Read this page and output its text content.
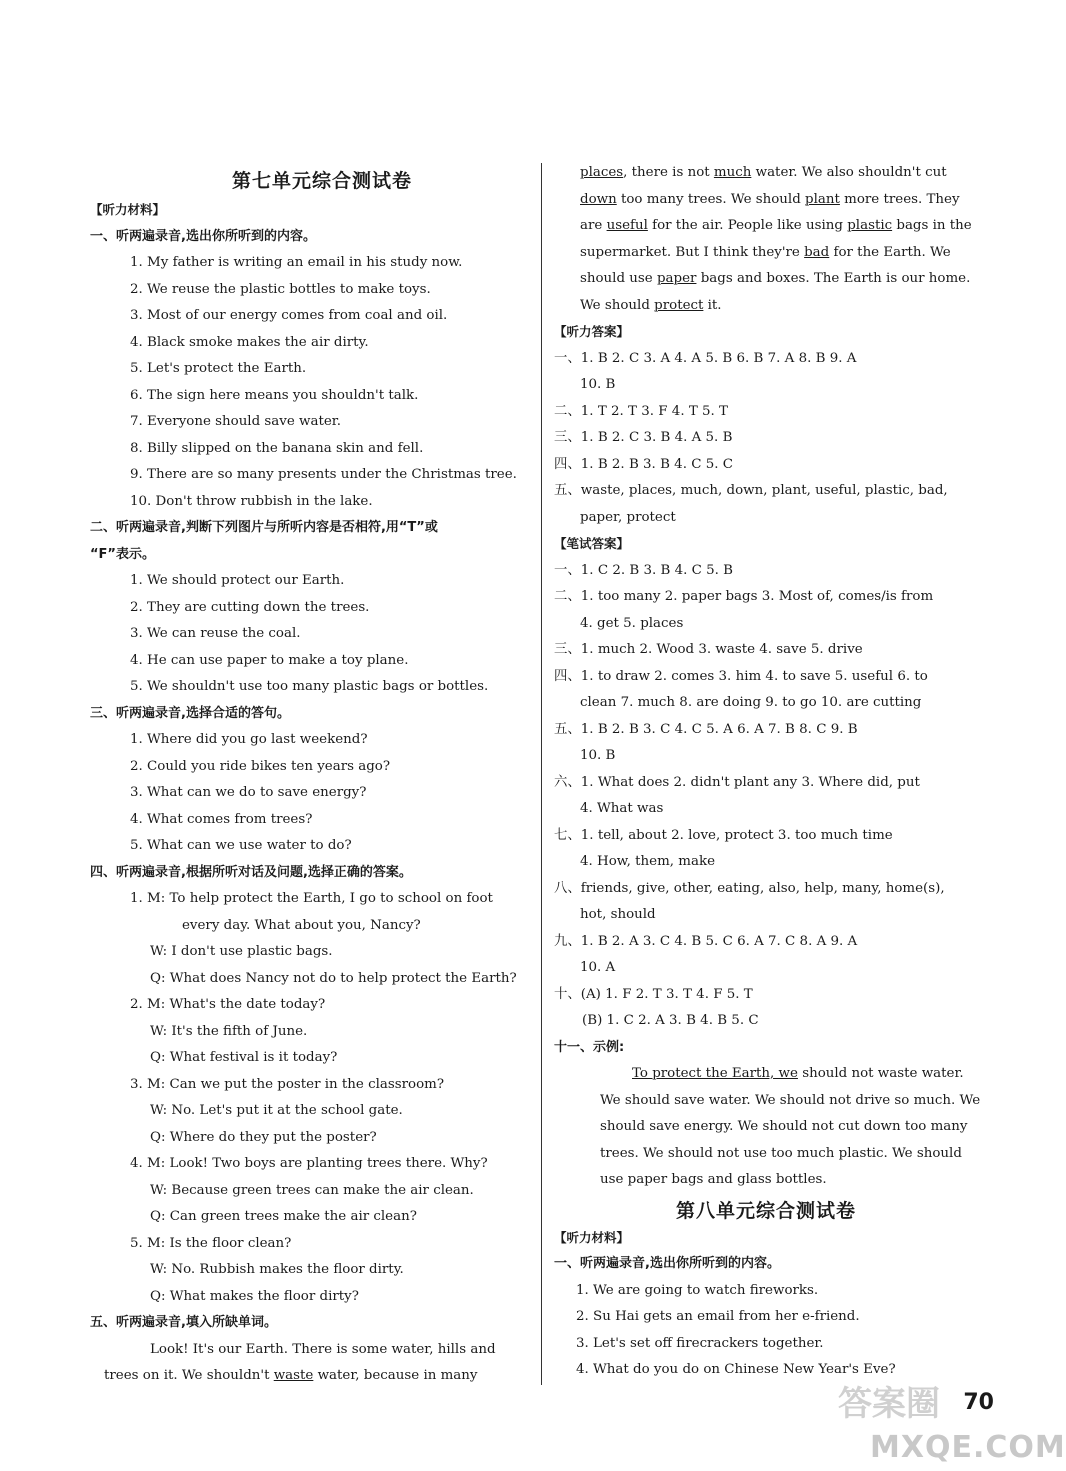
第七单元综合测试卷
【听力材料】
一、听两遍录音,选出你所听到的内容。
1. My father is writing an email in his study now.
2. We reuse the plastic bottles to make toys.
3. Most of our energy comes from coal and oil.
4. Black smoke makes the air dirty.
5. Let's protect the Earth.
6. The sign here means you shouldn't talk.
7. Everyone should save water.
8. Billy slipped on the banana skin and fell.
9. There are so many presents under the Christmas tree.
10. Don't throw rubbish in the lake.
二、听两遍录音,判断下列图片与所听内容是否相符,用“T”或
“F”表示。
1. We should protect our Earth.
2. They are cutting down the trees.
3. We can reuse the coal.
4. He can use paper to make a toy plane.
5. We shouldn't use too many plastic bags or bottles.
三、听两遍录音,选择合适的答句。
1. Where did you go last weekend?
2. Could you ride bikes ten years ago?
3. What can we do to save energy?
4. What comes from trees?
5. What can we use water to do?
四、听两遍录音,根据所听对话及问题,选择正确的答案。
1. M: To help protect the Earth, I go to school on foot
every day. What about you, Nancy?
W: I don't use plastic bags.
Q: What does Nancy not do to help protect the Earth?
2. M: What's the date today?
W: It's the fifth of June.
Q: What festival is it today?
3. M: Can we put the poster in the classroom?
W: No. Let's put it at the school gate.
Q: Where do they put the poster?
4. M: Look! Two boys are planting trees there. Why?
W: Because green trees can make the air clean.
Q: Can green trees make the air clean?
5. M: Is the floor clean?
W: No. Rubbish makes the floor dirty.
Q: What makes the floor dirty?
五、听两遍录音,填入所缺单词。
Look! It's our Earth. There is some water, hills and
trees on it. We shouldn't waste water, because in many
places, there is not much water. We also shouldn't cut
down too many trees. We should plant more trees. They
are useful for the air. People like using plastic bags in the
supermarket. But I think they're bad for the Earth. We
should use paper bags and boxes. The Earth is our home.
We should protect it.
【听力答案】
一、1. B 2. C 3. A 4. A 5. B 6. B 7. A 8. B 9. A
10. B
二、1. T 2. T 3. F 4. T 5. T
三、1. B 2. C 3. B 4. A 5. B
四、1. B 2. B 3. B 4. C 5. C
五、waste, places, much, down, plant, useful, plastic, bad,
paper, protect
【笔试答案】
一、1. C 2. B 3. B 4. C 5. B
二、1. too many 2. paper bags 3. Most of, comes/is from
4. get 5. places
三、1. much 2. Wood 3. waste 4. save 5. drive
四、1. to draw 2. comes 3. him 4. to save 5. useful 6. to
clean 7. much 8. are doing 9. to go 10. are cutting
五、1. B 2. B 3. C 4. C 5. A 6. A 7. B 8. C 9. B
10. B
六、1. What does 2. didn't plant any 3. Where did, put
4. What was
七、1. tell, about 2. love, protect 3. too much time
4. How, them, make
八、friends, give, other, eating, also, help, many, home(s),
hot, should
九、1. B 2. A 3. C 4. B 5. C 6. A 7. C 8. A 9. A
10. A
十、(A) 1. F 2. T 3. T 4. F 5. T
(B) 1. C 2. A 3. B 4. B 5. C
十一、示例:
To protect the Earth, we should not waste water.
We should save water. We should not drive so much. We
should save energy. We should not cut down too many
trees. We should not use too much plastic. We should
use paper bags and glass bottles.
第八单元综合测试卷
【听力材料】
一、听两遍录音,选出你所听到的内容。
1. We are going to watch fireworks.
2. Su Hai gets an email from her e-friend.
3. Let's set off firecrackers together.
4. What do you do on Chinese New Year's Eve?
答案圈 70
MXQE.COM
